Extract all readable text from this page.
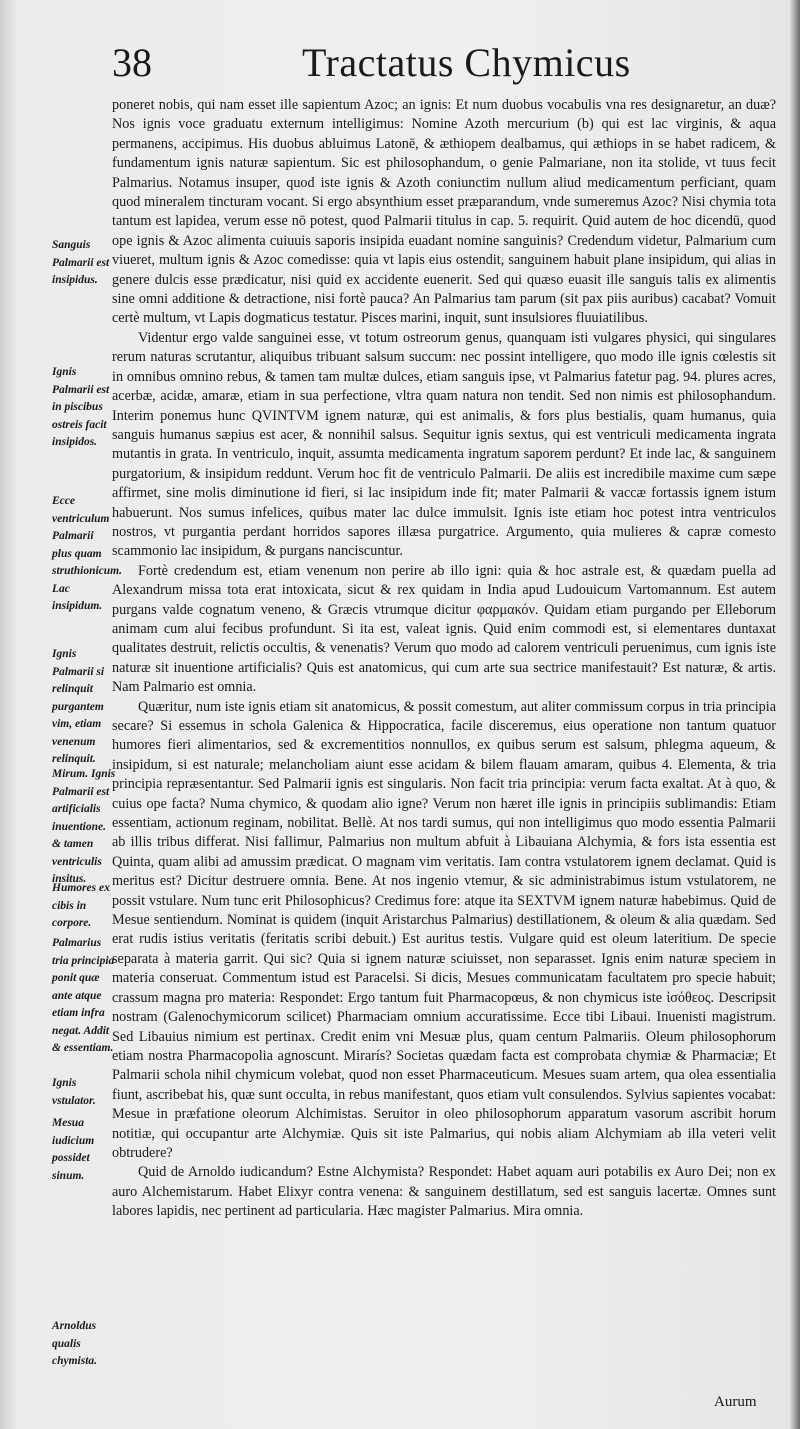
38	Tractatus Chymicus
Sanguis Palmarii est insipidus.
Ignis Palmarii est in piscibus ostreis facit insipidos.
Ecce ventriculum Palmarii plus quam struthionicum. Lac insipidum.
Ignis Palmarii si relinquit purgantem vim, etiam venenum relinquit.
Mirum. Ignis Palmarii est artificialis inuentione. & tamen ventriculis insitus.
Humores ex cibis in corpore.
Palmarius tria principia ponit quæ ante atque etiam infra negat. Addit & essentiam.
Ignis vstulator.
Mesua iudicium possidet sinum.
Arnoldus qualis chymista.

poneret nobis, qui nam esset ille sapientum Azoc; an ignis: Et num duobus vocabulis vna res designaretur, an duæ? Nos ignis voce graduatu externum intelligimus: Nomine Azoth mercurium (b) qui est lac virginis, & aqua permanens, accipimus. His duobus abluimus Latonē, & æthiopem dealbamus, qui æthiops in se habet radicem, & fundamentum ignis naturæ sapientum. Sic est philosophandum, o genie Palmariane, non ita stolide, vt tuus fecit Palmarius. Notamus insuper, quod iste ignis & Azoth coniunctim nullum aliud medicamentum perficiant, quam quod mineralem tincturam vocant. Si ergo absynthium esset præparandum, vnde sumeremus Azoc? Nisi chymia tota tantum est lapidea, verum esse nō potest, quod Palmarii titulus in cap. 5. requirit. Quid autem de hoc dicendū, quod ope ignis & Azoc alimenta cuiuuis saporis insipida euadant nomine sanguinis? Credendum videtur, Palmarium cum viueret, multum ignis & Azoc comedisse: quia vt lapis eius ostendit, sanguinem habuit plane insipidum, qui alias in genere dulcis esse prædicatur, nisi quid ex accidente euenerit. Sed qui quæso euasit ille sanguis talis ex alimentis sine omni additione & detractione, nisi fortè pauca? An Palmarius tam parum (sit pax piis auribus) cacabat? Vomuit certè multum, vt Lapis dogmaticus testatur. Pisces marini, inquit, sunt insulsiores fluuiatilibus.

Videntur ergo valde sanguinei esse, vt totum ostreorum genus, quanquam isti vulgares physici, qui singulares rerum naturas scrutantur, aliquibus tribuant salsum succum: nec possint intelligere, quo modo ille ignis cœlestis sit in omnibus omnino rebus, & tamen tam multæ dulces, etiam sanguis ipse, vt Palmarius fatetur pag. 94. plures acres, acerbæ, acidæ, amaræ, etiam in sua perfectione, vltra quam natura non tendit. Sed non nimis est philosophandum. Interim ponemus hunc QVINTVM ignem naturæ, qui est animalis, & fors plus bestialis, quam humanus, quia sanguis humanus sæpius est acer, & nonnihil salsus. Sequitur ignis sextus, qui est ventriculi medicamenta ingrata mutantis in grata. In ventriculo, inquit, assumta medicamenta ingratum saporem perdunt? Et inde lac, & sanguinem purgatorium, & insipidum reddunt. Verum hoc fit de ventriculo Palmarii. De aliis est incredibile maxime cum sæpe affirmet, sine molis diminutione id fieri, si lac insipidum inde fit; mater Palmarii & vaccæ fortassis ignem istum habuerunt. Nos sumus infelices, quibus mater lac dulce immulsit. Ignis iste etiam hoc potest intra ventriculos nostros, vt purgantia perdant horridos sapores illæsa purgatrice. Argumento, quia mulieres & capræ comesto scammonio lac insipidum, & purgans nanciscuntur.

Fortè credendum est, etiam venenum non perire ab illo igni: quia & hoc astrale est, & quædam puella ad Alexandrum missa tota erat intoxicata, sicut & rex quidam in India apud Ludouicum Vartomannum. Est autem purgans valde cognatum veneno, & Græcis vtrumque dicitur φαρμακόν. Quidam etiam purgando per Elleborum animam cum alui fecibus profundunt. Si ita est, valeat ignis. Quid enim commodi est, si elementares duntaxat qualitates destruit, relictis occultis, & venenatis? Verum quo modo ad calorem ventriculi peruenimus, cum ignis iste naturæ sit inuentione artificialis? Quis est anatomicus, qui cum arte sua sectrice manifestauit? Est naturæ, & artis. Nam Palmario est omnia.

Quæritur, num iste ignis etiam sit anatomicus, & possit comestum, aut aliter commissum corpus in tria principia secare? Si essemus in schola Galenica & Hippocratica, facile disceremus, eius operatione non tantum quatuor humores fieri alimentarios, sed & excrementitios nonnullos, ex quibus serum est salsum, phlegma aqueum, & insipidum, si est naturale; melancholiam aiunt esse acidam & bilem flauam amaram, quibus 4. Elementa, & tria principia repræsentantur. Sed Palmarii ignis est singularis. Non facit tria principia: verum facta exaltat. At à quo, & cuius ope facta? Numa chymico, & quodam alio igne? Verum non hæret ille ignis in principiis sublimandis: Etiam essentiam, actionum reginam, nobilitat. Bellè. At nos tardi sumus, qui non intelligimus quo modo essentia Palmarii ab illis tribus differat. Nisi fallimur, Palmarius non multum abfuit à Libauiana Alchymia, & fors ista essentia est Quinta, quam alibi ad amussim prædicat. O magnam vim veritatis. Iam contra vstulatorem ignem declamat. Quid is meritus est? Dicitur destruere omnia. Bene. At nos ingenio vtemur, & sic administrabimus istum vstulatorem, ne possit vstulare. Num tunc erit Philosophicus? Credimus fore: atque ita SEXTVM ignem naturæ habebimus. Quid de Mesue sentiendum. Nominat is quidem (inquit Aristarchus Palmarius) destillationem, & oleum & alia quædam. Sed erat rudis istius veritatis (feritatis scribi debuit.) Est auritus testis. Vulgare quid est oleum lateritium. De specie separata à materia garrit. Qui sic? Quia si ignem naturæ sciuisset, non separasset. Ignis enim naturæ speciem in materia conseruat. Commentum istud est Paracelsi. Si dicis, Mesues communicatam facultatem pro specie habuit; crassum magna pro materia: Respondet: Ergo tantum fuit Pharmacopœus, & non chymicus iste ἰσόθεος. Descripsit nostram (Galenochymicorum scilicet) Pharmaciam omnium accuratissime. Ecce tibi Libaui. Inuenisti magistrum. Sed Libauius nimium est pertinax. Credit enim vni Mesuæ plus, quam centum Palmariis. Oleum philosophorum etiam nostra Pharmacopolia agnoscunt. Mirarís? Societas quædam facta est comprobata chymiæ & Pharmaciæ; Et Palmarii schola nihil chymicum volebat, quod non esset Pharmaceuticum. Mesues suam artem, qua olea essentialia fiunt, ascribebat his, quæ sunt occulta, in rebus manifestant, quos etiam vult consulendos. Sylvius sapientes vocabat: Mesue in præfatione oleorum Alchimistas. Seruitor in oleo philosophorum apparatum vasorum ascribit horum notitiæ, qui occupantur arte Alchymiæ. Quis sit iste Palmarius, qui nobis aliam Alchymiam ab illa veteri velit obtrudere?

Quid de Arnoldo iudicandum? Estne Alchymista? Respondet: Habet aquam auri potabilis ex Auro Dei; non ex auro Alchemistarum. Habet Elixyr contra venena: & sanguinem destillatum, sed est sanguis lacertæ. Omnes sunt labores lapidis, nec pertinent ad particularia. Hæc magister Palmarius. Mira omnia.

Aurum
